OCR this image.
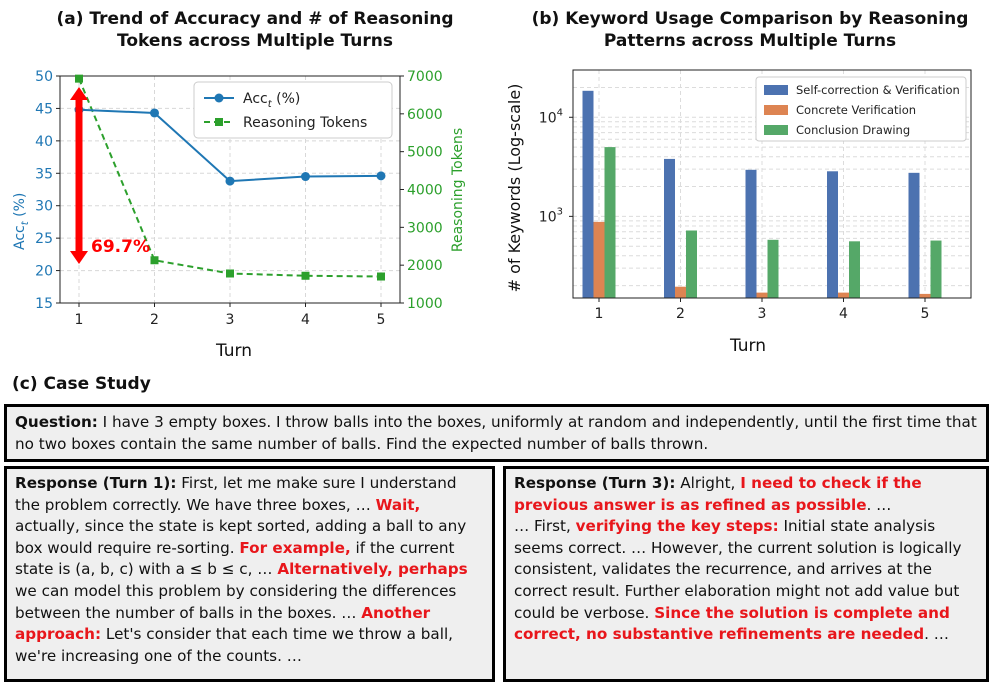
(a) Trend of Accuracy and # of Reasoning
Tokens across Multiple Turns
(b) Keyword Usage Comparison by Reasoning
Patterns across Multiple Turns
15
20
25
30
35
40
45
50
1000
2000
3000
4000
5000
6000
7000
1	2	3	4	5
69.7%
Acc$_t$ (%)
Reasoning Tokens
Acc$_t$ (%)	Reasoning Tokens
Turn
$10^3$
$10^4$
1	2	3	4	5
Self-correction & Verification
Concrete Verification
Conclusion Drawing
# of Keywords (Log-scale)
Turn
(c) Case Study
Question: I have 3 empty boxes. I throw balls into the boxes, uniformly at random and independently, until the first time that no two boxes contain the same number of balls. Find the expected number of balls thrown.
Response (Turn 1): First, let me make sure I understand the problem correctly. We have three boxes, … Wait, actually, since the state is kept sorted, adding a ball to any box would require re-sorting. For example, if the current state is (a, b, c) with a ≤ b ≤ c, … Alternatively, perhaps we can model this problem by considering the differences between the number of balls in the boxes. … Another approach: Let's consider that each time we throw a ball, we're increasing one of the counts. …
Response (Turn 3): Alright, I need to check if the previous answer is as refined as possible. …
… First, verifying the key steps: Initial state analysis seems correct. … However, the current solution is logically consistent, validates the recurrence, and arrives at the correct result. Further elaboration might not add value but could be verbose. Since the solution is complete and correct, no substantive refinements are needed. …
